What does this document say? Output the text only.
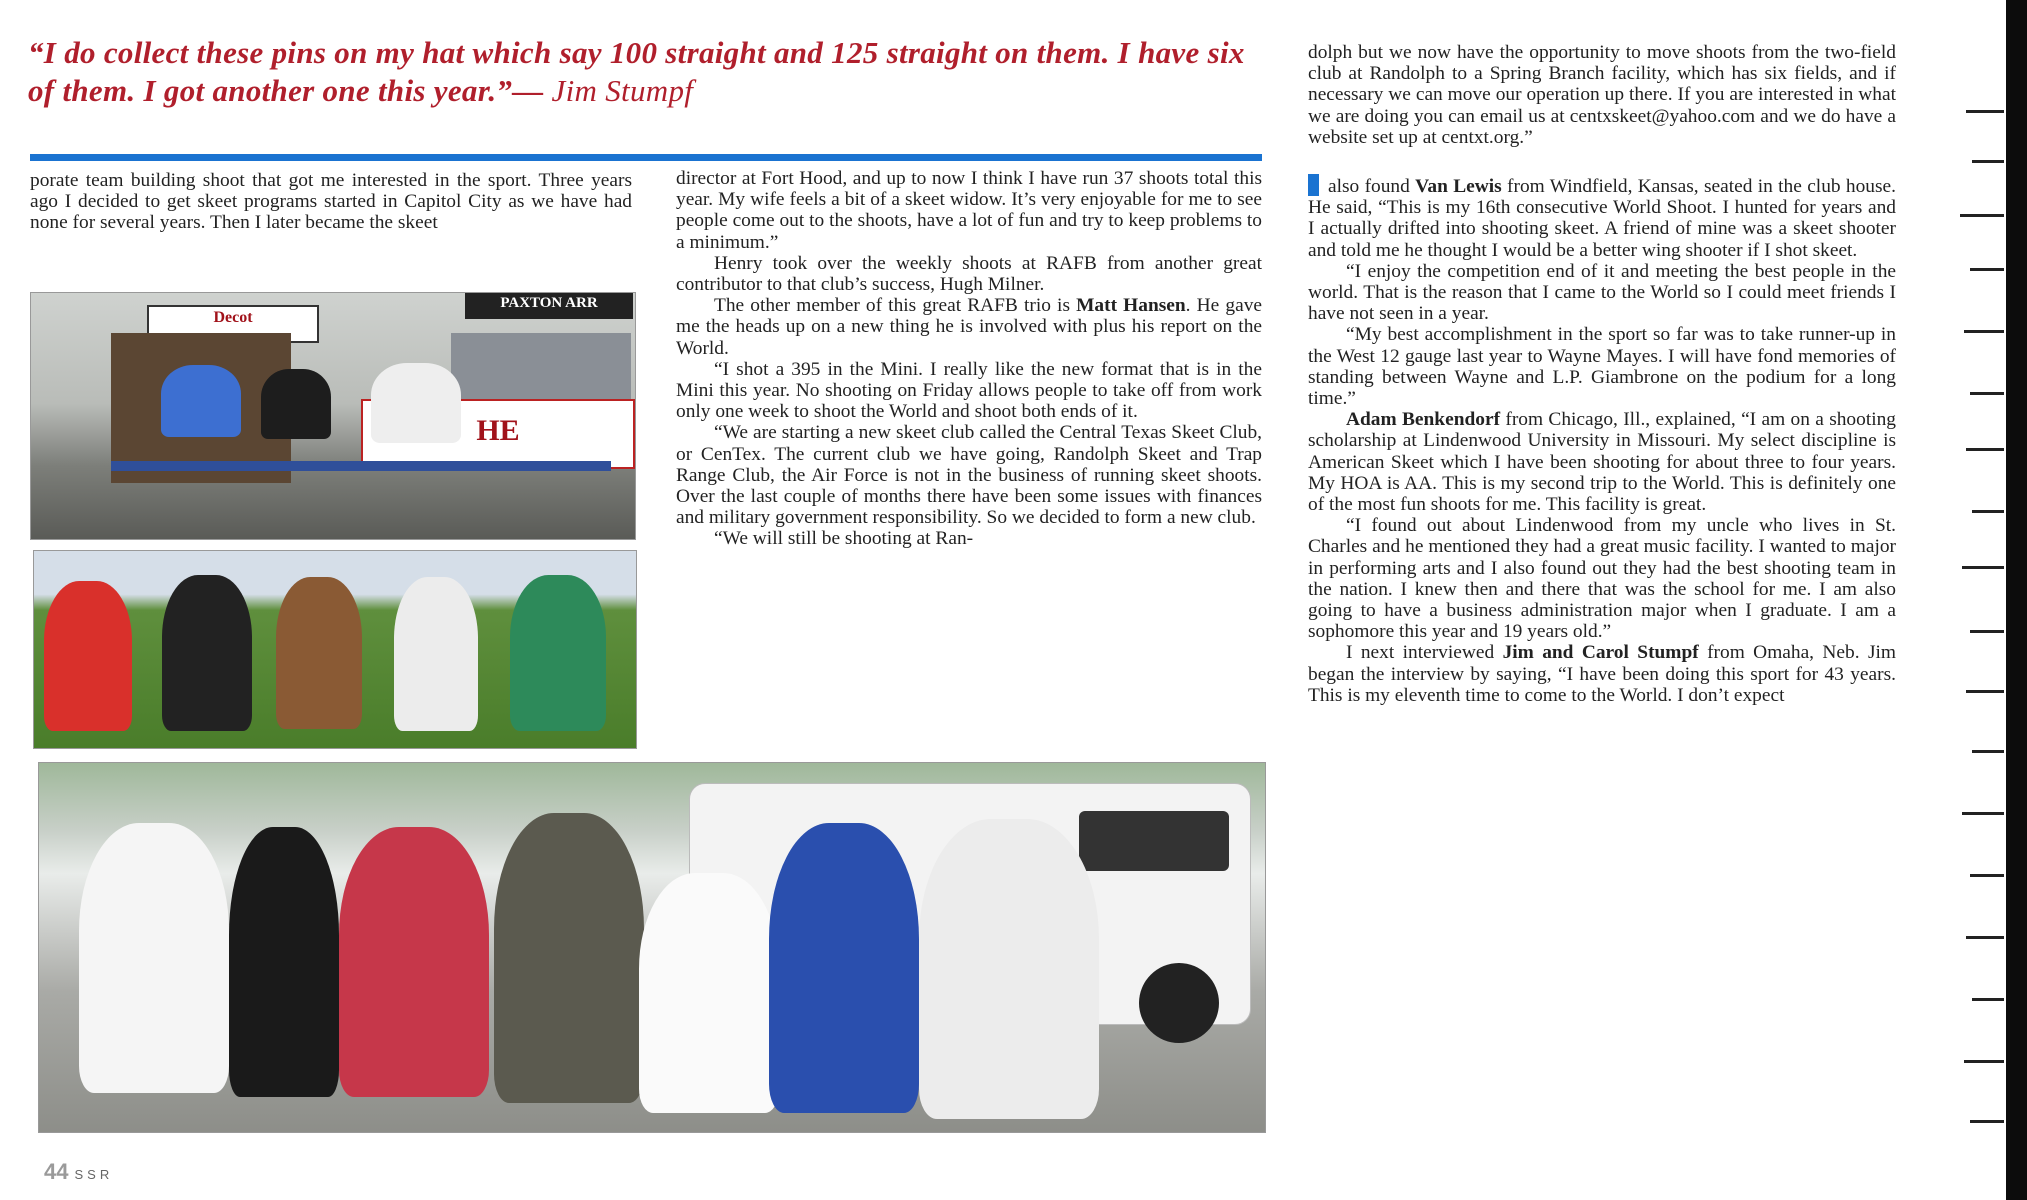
“I do collect these pins on my hat which say 100 straight and 125 straight on them. I have six of them. I got another one this year.”— Jim Stumpf

porate team building shoot that got me interested in the sport. Three years ago I decided to get skeet programs started in Capitol City as we have had none for several years. Then I later became the skeet

director at Fort Hood, and up to now I think I have run 37 shoots total this year. My wife feels a bit of a skeet widow. It’s very enjoyable for me to see people come out to the shoots, have a lot of fun and try to keep problems to a minimum.”

Henry took over the weekly shoots at RAFB from another great contributor to that club’s success, Hugh Milner.

The other member of this great RAFB trio is Matt Hansen. He gave me the heads up on a new thing he is involved with plus his report on the World.

“I shot a 395 in the Mini. I really like the new format that is in the Mini this year. No shooting on Friday allows people to take off from work only one week to shoot the World and shoot both ends of it.

“We are starting a new skeet club called the Central Texas Skeet Club, or CenTex. The current club we have going, Randolph Skeet and Trap Range Club, the Air Force is not in the business of running skeet shoots. Over the last couple of months there have been some issues with finances and military government responsibility. So we decided to form a new club.

“We will still be shooting at Ran-

dolph but we now have the opportunity to move shoots from the two-field club at Randolph to a Spring Branch facility, which has six fields, and if necessary we can move our operation up there. If you are interested in what we are doing you can email us at centxskeet@yahoo.com and we do have a website set up at centxt.org.”

also found Van Lewis from Windfield, Kansas, seated in the club house. He said, “This is my 16th consecutive World Shoot. I hunted for years and I actually drifted into shooting skeet. A friend of mine was a skeet shooter and told me he thought I would be a better wing shooter if I shot skeet.

“I enjoy the competition end of it and meeting the best people in the world. That is the reason that I came to the World so I could meet friends I have not seen in a year.

“My best accomplishment in the sport so far was to take runner-up in the West 12 gauge last year to Wayne Mayes. I will have fond memories of standing between Wayne and L.P. Giambrone on the podium for a long time.”

Adam Benkendorf from Chicago, Ill., explained, “I am on a shooting scholarship at Lindenwood University in Missouri. My select discipline is American Skeet which I have been shooting for about three to four years. My HOA is AA. This is my second trip to the World. This is definitely one of the most fun shoots for me. This facility is great.

“I found out about Lindenwood from my uncle who lives in St. Charles and he mentioned they had a great music facility. I wanted to major in performing arts and I also found out they had the best shooting team in the nation. I knew then and there that was the school for me. I am also going to have a business administration major when I graduate. I am a sophomore this year and 19 years old.”

I next interviewed Jim and Carol Stumpf from Omaha, Neb. Jim began the interview by saying, “I have been doing this sport for 43 years. This is my eleventh time to come to the World. I don’t expect

Decot
PAXTON ARR
HE
44 SSR
